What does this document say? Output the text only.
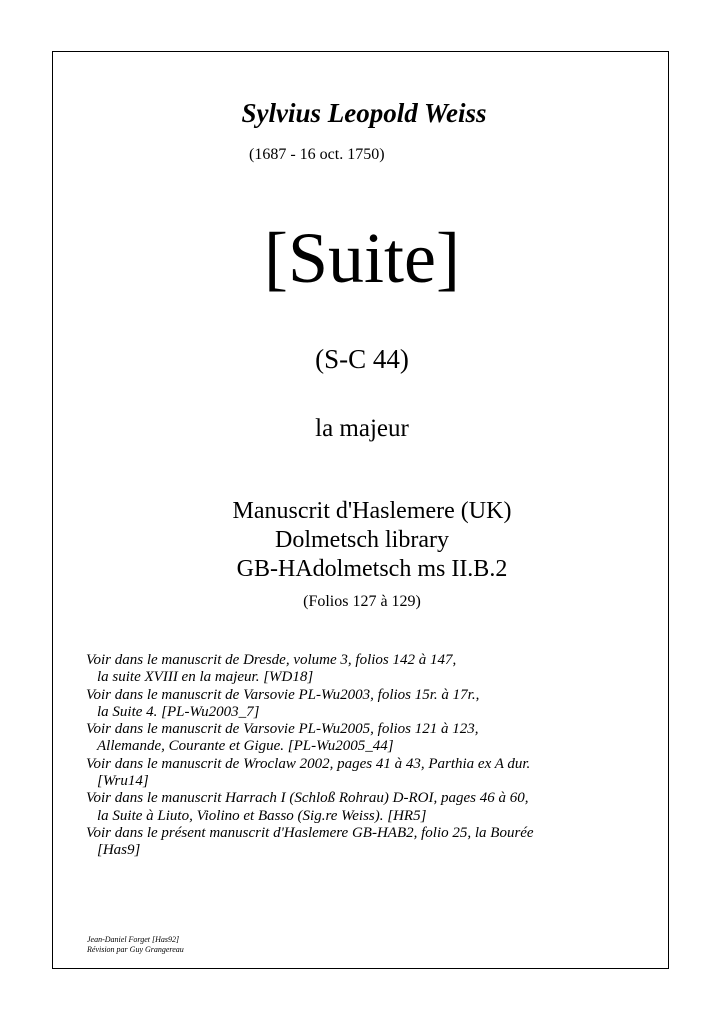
Sylvius Leopold Weiss
(1687 - 16 oct. 1750)
[Suite]
(S-C 44)
la majeur
Manuscrit d'Haslemere (UK)
Dolmetsch library
GB-HAdolmetsch ms II.B.2
(Folios 127 à 129)
Voir dans le manuscrit de Dresde, volume 3, folios 142 à 147,
la suite XVIII en la majeur. [WD18]
Voir dans le manuscrit de Varsovie PL-Wu2003, folios 15r. à 17r.,
la Suite 4. [PL-Wu2003_7]
Voir dans le manuscrit de Varsovie PL-Wu2005, folios 121 à 123,
Allemande, Courante et Gigue. [PL-Wu2005_44]
Voir dans le manuscrit de Wroclaw 2002, pages 41 à 43, Parthia ex A dur.
[Wru14]
Voir dans le manuscrit Harrach I (Schloß Rohrau) D-ROI, pages 46 à 60,
la Suite à Liuto, Violino et Basso (Sig.re Weiss). [HR5]
Voir dans le présent manuscrit d'Haslemere GB-HAB2, folio 25, la Bourée
[Has9]
Jean-Daniel Forget [Has92]
Révision par Guy Grangereau
